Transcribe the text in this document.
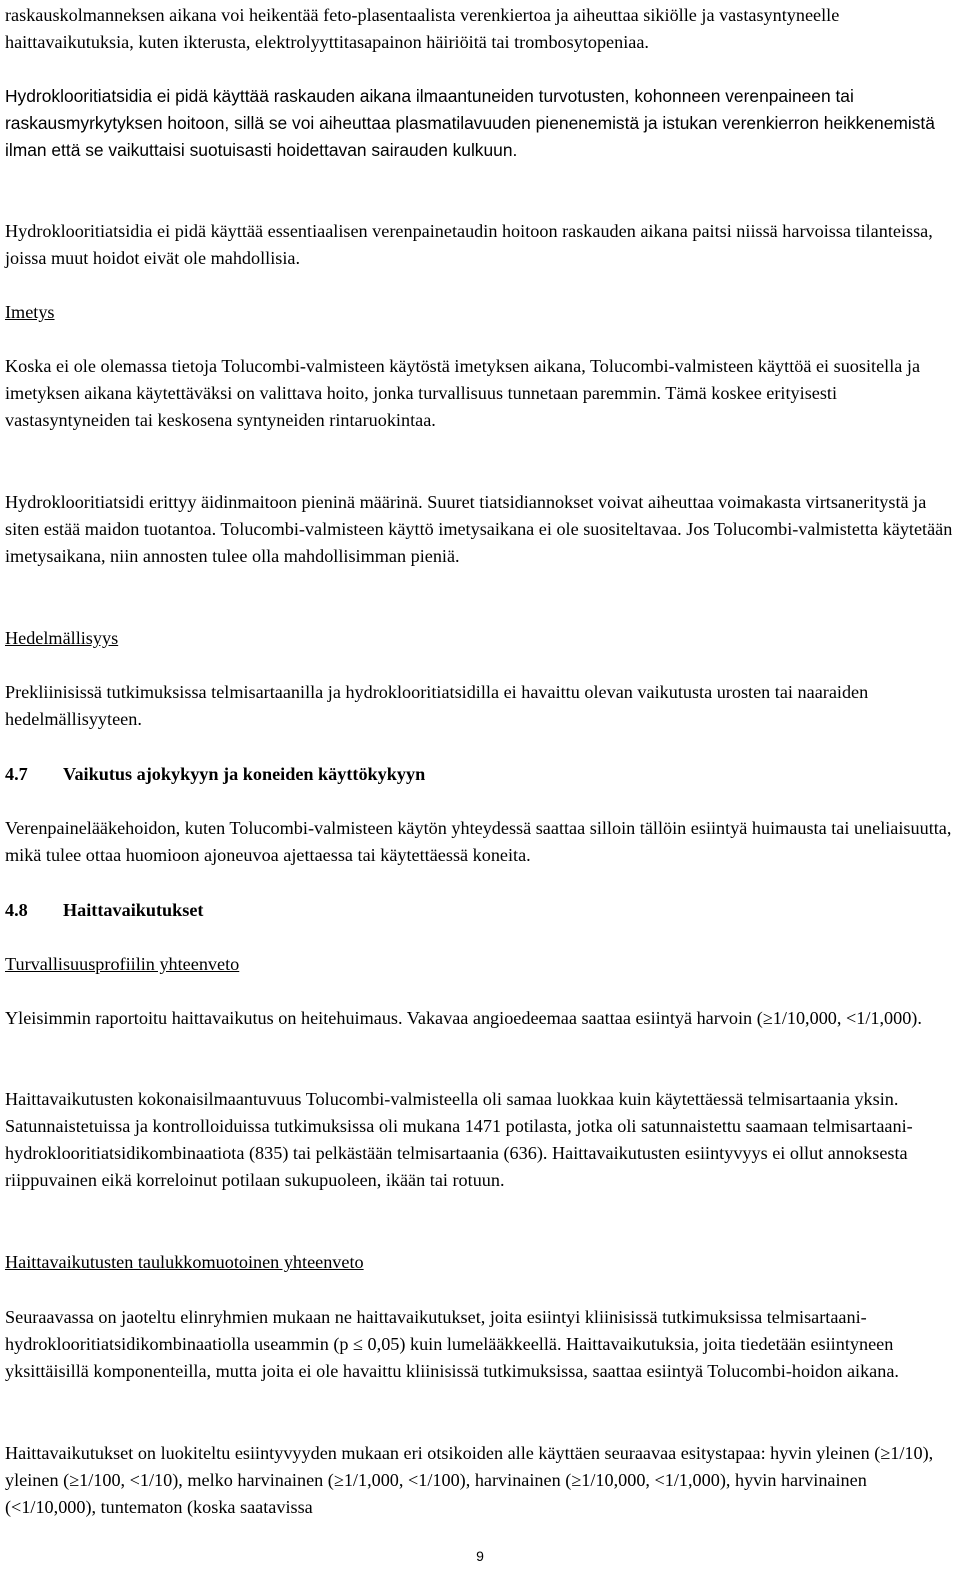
raskauskolmanneksen aikana voi heikentää feto-plasentaalista verenkiertoa ja aiheuttaa sikiölle ja vastasyntyneelle haittavaikutuksia, kuten ikterusta, elektrolyyttitasapainon häiriöitä tai trombosytopeniaa.

Hydroklooritiatsidia ei pidä käyttää raskauden aikana ilmaantuneiden turvotusten, kohonneen verenpaineen tai raskausmyrkytyksen hoitoon, sillä se voi aiheuttaa plasmatilavuuden pienenemistä ja istukan verenkierron heikkenemistä ilman että se vaikuttaisi suotuisasti hoidettavan sairauden kulkuun.

Hydroklooritiatsidia ei pidä käyttää essentiaalisen verenpainetaudin hoitoon raskauden aikana paitsi niissä harvoissa tilanteissa, joissa muut hoidot eivät ole mahdollisia.

Imetys

Koska ei ole olemassa tietoja Tolucombi-valmisteen käytöstä imetyksen aikana, Tolucombi-valmisteen käyttöä ei suositella ja imetyksen aikana käytettäväksi on valittava hoito, jonka turvallisuus tunnetaan paremmin. Tämä koskee erityisesti vastasyntyneiden tai keskosena syntyneiden rintaruokintaa.

Hydroklooritiatsidi erittyy äidinmaitoon pieninä määrinä. Suuret tiatsidiannokset voivat aiheuttaa voimakasta virtsaneritystä ja siten estää maidon tuotantoa. Tolucombi-valmisteen käyttö imetysaikana ei ole suositeltavaa. Jos Tolucombi-valmistetta käytetään imetysaikana, niin annosten tulee olla mahdollisimman pieniä.

Hedelmällisyys

Prekliinisissä tutkimuksissa telmisartaanilla ja hydroklooritiatsidilla ei havaittu olevan vaikutusta urosten tai naaraiden hedelmällisyyteen.

4.7 Vaikutus ajokykyyn ja koneiden käyttökykyyn

Verenpainelääkehoidon, kuten Tolucombi-valmisteen käytön yhteydessä saattaa silloin tällöin esiintyä huimausta tai uneliaisuutta, mikä tulee ottaa huomioon ajoneuvoa ajettaessa tai käytettäessä koneita.

4.8 Haittavaikutukset

Turvallisuusprofiilin yhteenveto

Yleisimmin raportoitu haittavaikutus on heitehuimaus. Vakavaa angioedeemaa saattaa esiintyä harvoin (≥1/10,000, <1/1,000).

Haittavaikutusten kokonaisilmaantuvuus Tolucombi-valmisteella oli samaa luokkaa kuin käytettäessä telmisartaania yksin. Satunnaistetuissa ja kontrolloiduissa tutkimuksissa oli mukana 1471 potilasta, jotka oli satunnaistettu saamaan telmisartaani-hydroklooritiatsidikombinaatiota (835) tai pelkästään telmisartaania (636). Haittavaikutusten esiintyvyys ei ollut annoksesta riippuvainen eikä korreloinut potilaan sukupuoleen, ikään tai rotuun.

Haittavaikutusten taulukkomuotoinen yhteenveto

Seuraavassa on jaoteltu elinryhmien mukaan ne haittavaikutukset, joita esiintyi kliinisissä tutkimuksissa telmisartaani-hydroklooritiatsidikombinaatiolla useammin (p ≤ 0,05) kuin lumelääkkeellä. Haittavaikutuksia, joita tiedetään esiintyneen yksittäisillä komponenteilla, mutta joita ei ole havaittu kliinisissä tutkimuksissa, saattaa esiintyä Tolucombi-hoidon aikana.

Haittavaikutukset on luokiteltu esiintyvyyden mukaan eri otsikoiden alle käyttäen seuraavaa esitystapaa: hyvin yleinen (≥1/10), yleinen (≥1/100, <1/10), melko harvinainen (≥1/1,000, <1/100), harvinainen (≥1/10,000, <1/1,000), hyvin harvinainen (<1/10,000), tuntematon (koska saatavissa

9
